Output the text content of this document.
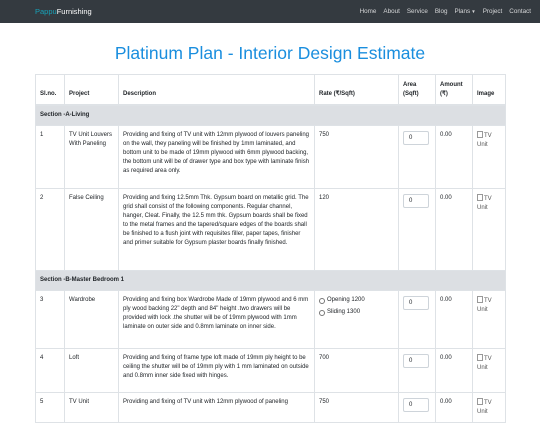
PappuFurnishing	Home About Service Blog Plans▼ Project Contact
Platinum Plan - Interior Design Estimate
Sl.no.	Project	Description	Rate (₹/Sqft)	Area (Sqft)	Amount (₹)	Image
Section -A-Living						
1	TV Unit Louvers With Paneling	Providing and fixing of TV unit with 12mm plywood of louvers paneling on the wall, they paneling will be finished by 1mm laminated, and bottom unit to be made of 19mm plywood with 6mm plywood backing, the bottom unit will be of drawer type and box type with laminate finish as required area only.	750	0	0.00	TV Unit
2	False Ceiling	Providing and fixing 12.5mm Thk. Gypsum board on metallic grid. The grid shall consist of the following components. Regular channel, hanger, Cleat. Finally, the 12.5 mm thk. Gypsum boards shall be fixed to the metal frames and the tapered/square edges of the boards shall be finished to a flush joint with requisites filler, paper tapes, finisher and primer suitable for Gypsum plaster boards finally finished.	120	0	0.00	TV Unit
Section -B-Master Bedroom 1						
3	Wardrobe	Providing and fixing box Wardrobe Made of 19mm plywood and 6 mm ply wood backing 22" depth and 84" height .two drawers will be provided with lock .the shutter will be of 19mm plywood with 1mm laminate on outer side and 0.8mm laminate on inner side.	Opening 1200
Sliding 1300	0	0.00	TV Unit
4	Loft	Providing and fixing of frame type loft made of 19mm ply height to be ceiling the shutter will be of 19mm ply with 1 mm laminated on outside and 0.8mm inner side fixed with hinges.	700	0	0.00	TV Unit
5	TV Unit	Providing and fixing of TV unit with 12mm plywood of paneling	750	0	0.00	TV Unit
